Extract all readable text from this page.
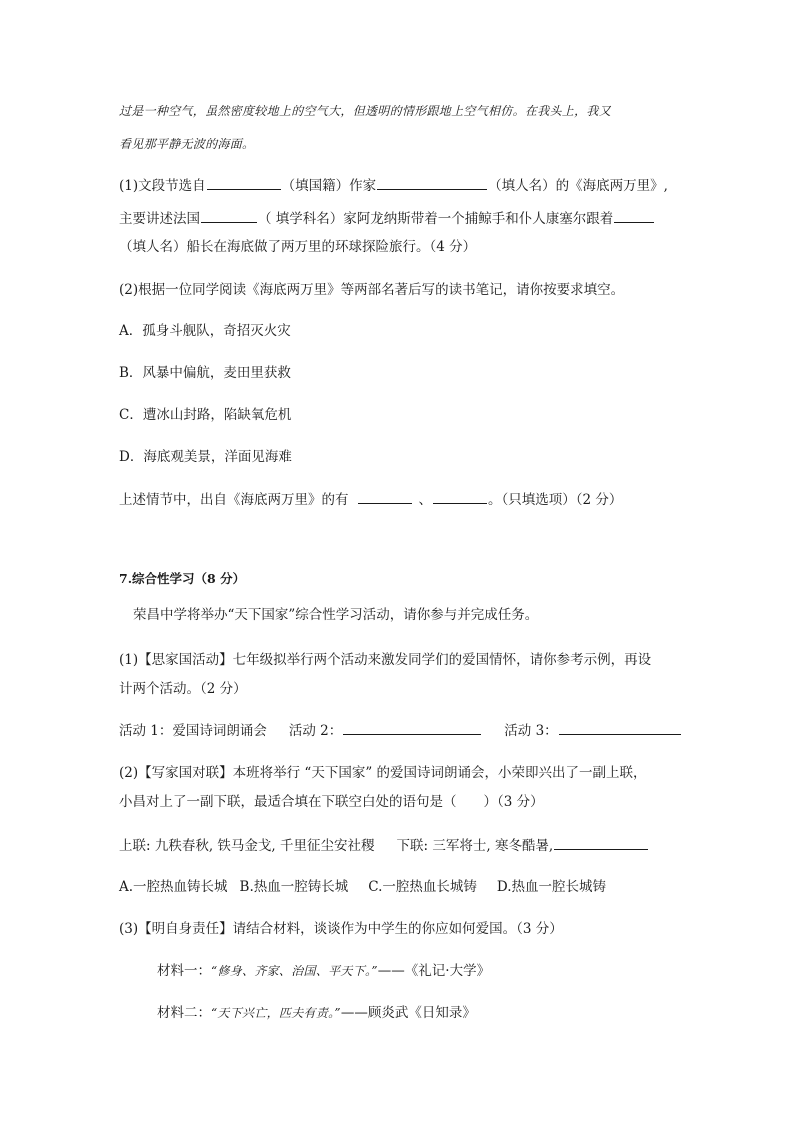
过是一种空气，虽然密度较地上的空气大，但透明的情形跟地上空气相仿。在我头上，我又
看见那平静无波的海面。
(1)文段节选自	（填国籍）作家	（填人名）的《海底两万里》,
主要讲述法国	（ 填学科名）家阿龙纳斯带着一个捕鲸手和仆人康塞尔跟着
（填人名）船长在海底做了两万里的环球探险旅行。（4 分）
(2)根据一位同学阅读《海底两万里》等两部名著后写的读书笔记，请你按要求填空。
A．孤身斗舰队，奇招灭火灾
B．风暴中偏航，麦田里获救
C．遭冰山封路，陷缺氧危机
D．海底观美景，洋面见海难
上述情节中，出自《海底两万里》的有	、	。（只填选项）（2 分）
7.综合性学习（8 分）
荣昌中学将举办“天下国家”综合性学习活动，请你参与并完成任务。
(1)【思家国活动】七年级拟举行两个活动来激发同学们的爱国情怀，请你参考示例，再设
计两个活动。（2 分）
活动 1：爱国诗词朗诵会 活动 2：	活动 3：
(2)【写家国对联】本班将举行 “天下国家” 的爱国诗词朗诵会，小荣即兴出了一副上联，
小昌对上了一副下联，最适合填在下联空白处的语句是（　　）（3 分）
上联: 九秩春秋, 铁马金戈, 千里征尘安社稷 下联: 三军将士, 寒冬酷暑,
A.一腔热血铸长城 B.热血一腔铸长城 C.一腔热血长城铸 D.热血一腔长城铸
(3)【明自身责任】请结合材料，谈谈作为中学生的你应如何爱国。（3 分）
材料一：“修身、齐家、治国、平天下。”——《礼记·大学》
材料二：“天下兴亡，匹夫有责。”——顾炎武《日知录》
